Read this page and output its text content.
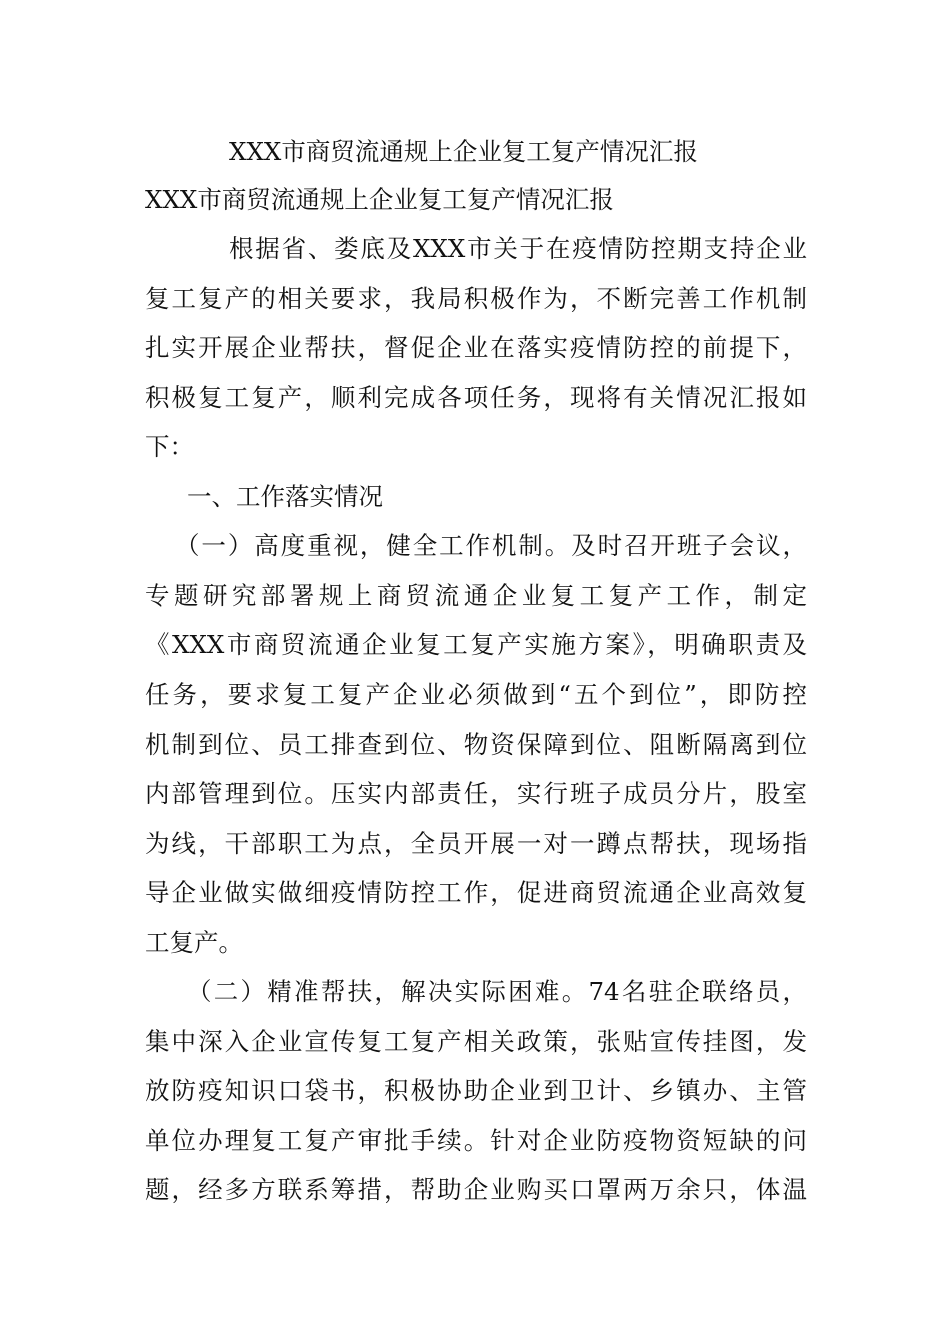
XXX市商贸流通规上企业复工复产情况汇报
XXX市商贸流通规上企业复工复产情况汇报
根据省、娄底及XXX市关于在疫情防控期支持企业
复工复产的相关要求，我局积极作为，不断完善工作机制
扎实开展企业帮扶，督促企业在落实疫情防控的前提下，
积极复工复产，顺利完成各项任务，现将有关情况汇报如
下：
一、工作落实情况
（一）高度重视，健全工作机制。及时召开班子会议，
专题研究部署规上商贸流通企业复工复产工作，制定
《XXX市商贸流通企业复工复产实施方案》，明确职责及
任务，要求复工复产企业必须做到“五个到位”，即防控
机制到位、员工排查到位、物资保障到位、阻断隔离到位
内部管理到位。压实内部责任，实行班子成员分片，股室
为线，干部职工为点，全员开展一对一蹲点帮扶，现场指
导企业做实做细疫情防控工作，促进商贸流通企业高效复
工复产。
（二）精准帮扶，解决实际困难。74名驻企联络员，
集中深入企业宣传复工复产相关政策，张贴宣传挂图，发
放防疫知识口袋书，积极协助企业到卫计、乡镇办、主管
单位办理复工复产审批手续。针对企业防疫物资短缺的问
题，经多方联系筹措，帮助企业购买口罩两万余只，体温
